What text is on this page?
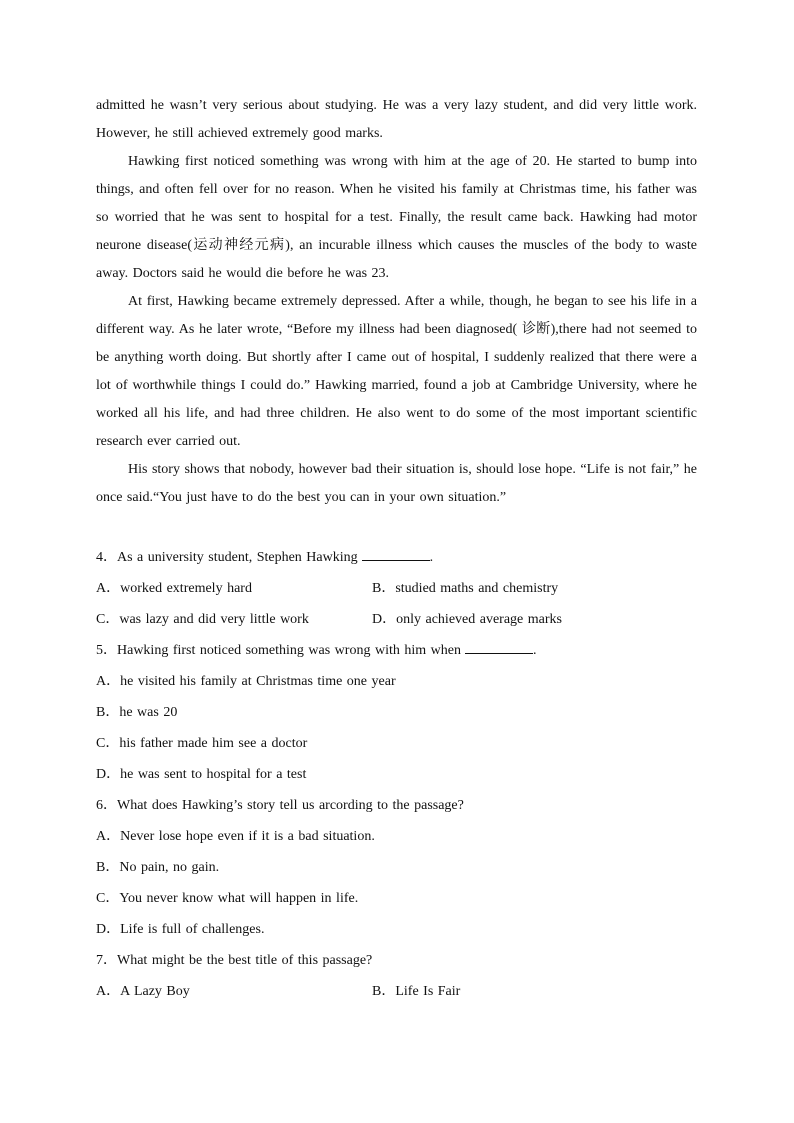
admitted he wasn’t very serious about studying. He was a very lazy student, and did very little work. However, he still achieved extremely good marks.

Hawking first noticed something was wrong with him at the age of 20. He started to bump into things, and often fell over for no reason. When he visited his family at Christmas time, his father was so worried that he was sent to hospital for a test. Finally, the result came back. Hawking had motor neurone disease(运动神经元病), an incurable illness which causes the muscles of the body to waste away. Doctors said he would die before he was 23.

At first, Hawking became extremely depressed. After a while, though, he began to see his life in a different way. As he later wrote, “Before my illness had been diagnosed( 诊断),there had not seemed to be anything worth doing. But shortly after I came out of hospital, I suddenly realized that there were a lot of worthwhile things I could do.” Hawking married, found a job at Cambridge University, where he worked all his life, and had three children. He also went to do some of the most important scientific research ever carried out.

His story shows that nobody, however bad their situation is, should lose hope. “Life is not fair,” he once said.“You just have to do the best you can in your own situation.”

4．As a university student, Stephen Hawking	.
A．worked extremely hard	B．studied maths and chemistry
C．was lazy and did very little work	D．only achieved average marks
5．Hawking first noticed something was wrong with him when	.
A．he visited his family at Christmas time one year
B．he was 20
C．his father made him see a doctor
D．he was sent to hospital for a test
6．What does Hawking’s story tell us arcording to the passage?
A．Never lose hope even if it is a bad situation.
B．No pain, no gain.
C．You never know what will happen in life.
D．Life is full of challenges.
7．What might be the best title of this passage?
A．A Lazy Boy	B．Life Is Fair
